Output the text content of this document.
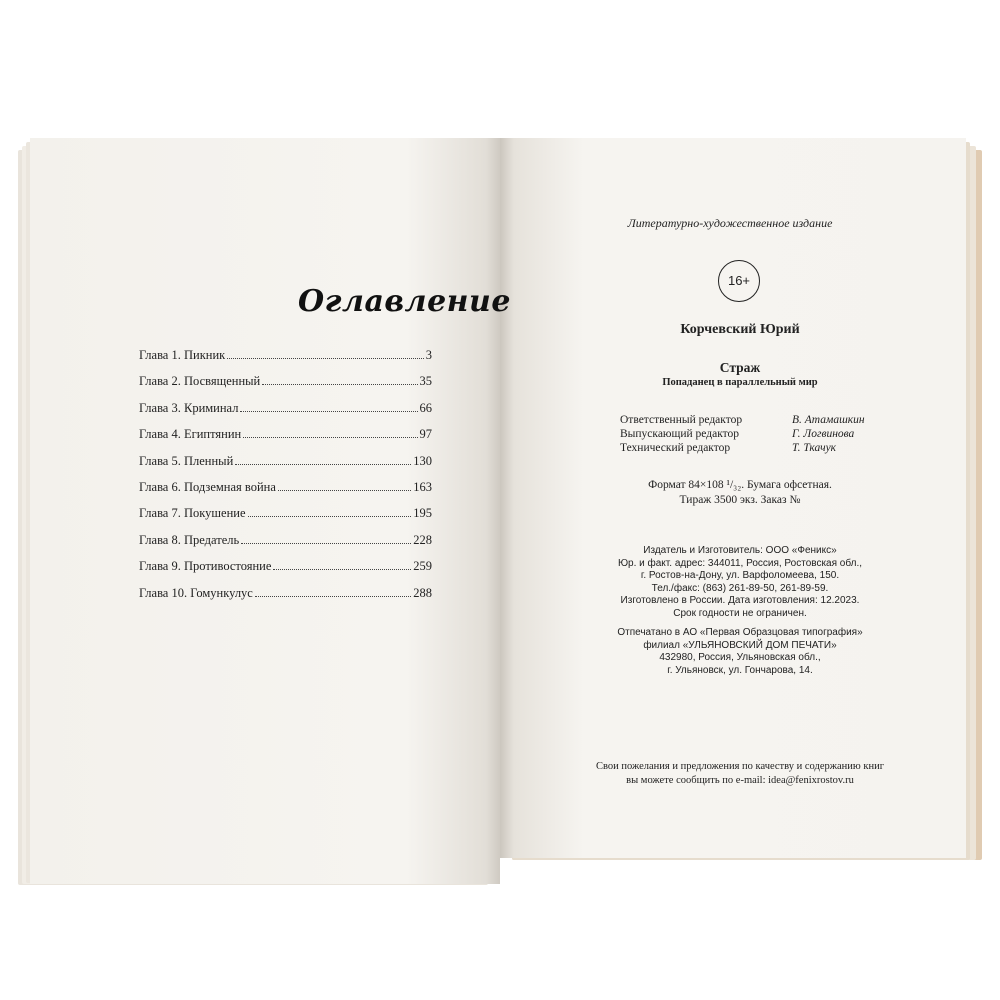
Оглавление
Глава 1. Пикник	3
Глава 2. Посвященный	35
Глава 3. Криминал	66
Глава 4. Египтянин	97
Глава 5. Пленный	130
Глава 6. Подземная война	163
Глава 7. Покушение	195
Глава 8. Предатель	228
Глава 9. Противостояние	259
Глава 10. Гомункулус	288
Литературно-художественное издание
16+
Корчевский Юрий
Страж
Попаданец в параллельный мир
Ответственный редактор	В. Атамашкин
Выпускающий редактор	Г. Логвинова
Технический редактор	Т. Ткачук
Формат 84×108 ¹/₃₂. Бумага офсетная.
Тираж 3500 экз. Заказ №
Издатель и Изготовитель: ООО «Феникс»
Юр. и факт. адрес: 344011, Россия, Ростовская обл.,
г. Ростов-на-Дону, ул. Варфоломеева, 150.
Тел./факс: (863) 261-89-50, 261-89-59.
Изготовлено в России. Дата изготовления: 12.2023.
Срок годности не ограничен.
Отпечатано в АО «Первая Образцовая типография»
филиал «УЛЬЯНОВСКИЙ ДОМ ПЕЧАТИ»
432980, Россия, Ульяновская обл.,
г. Ульяновск, ул. Гончарова, 14.
Свои пожелания и предложения по качеству и содержанию книг
вы можете сообщить по e-mail: idea@fenixrostov.ru
